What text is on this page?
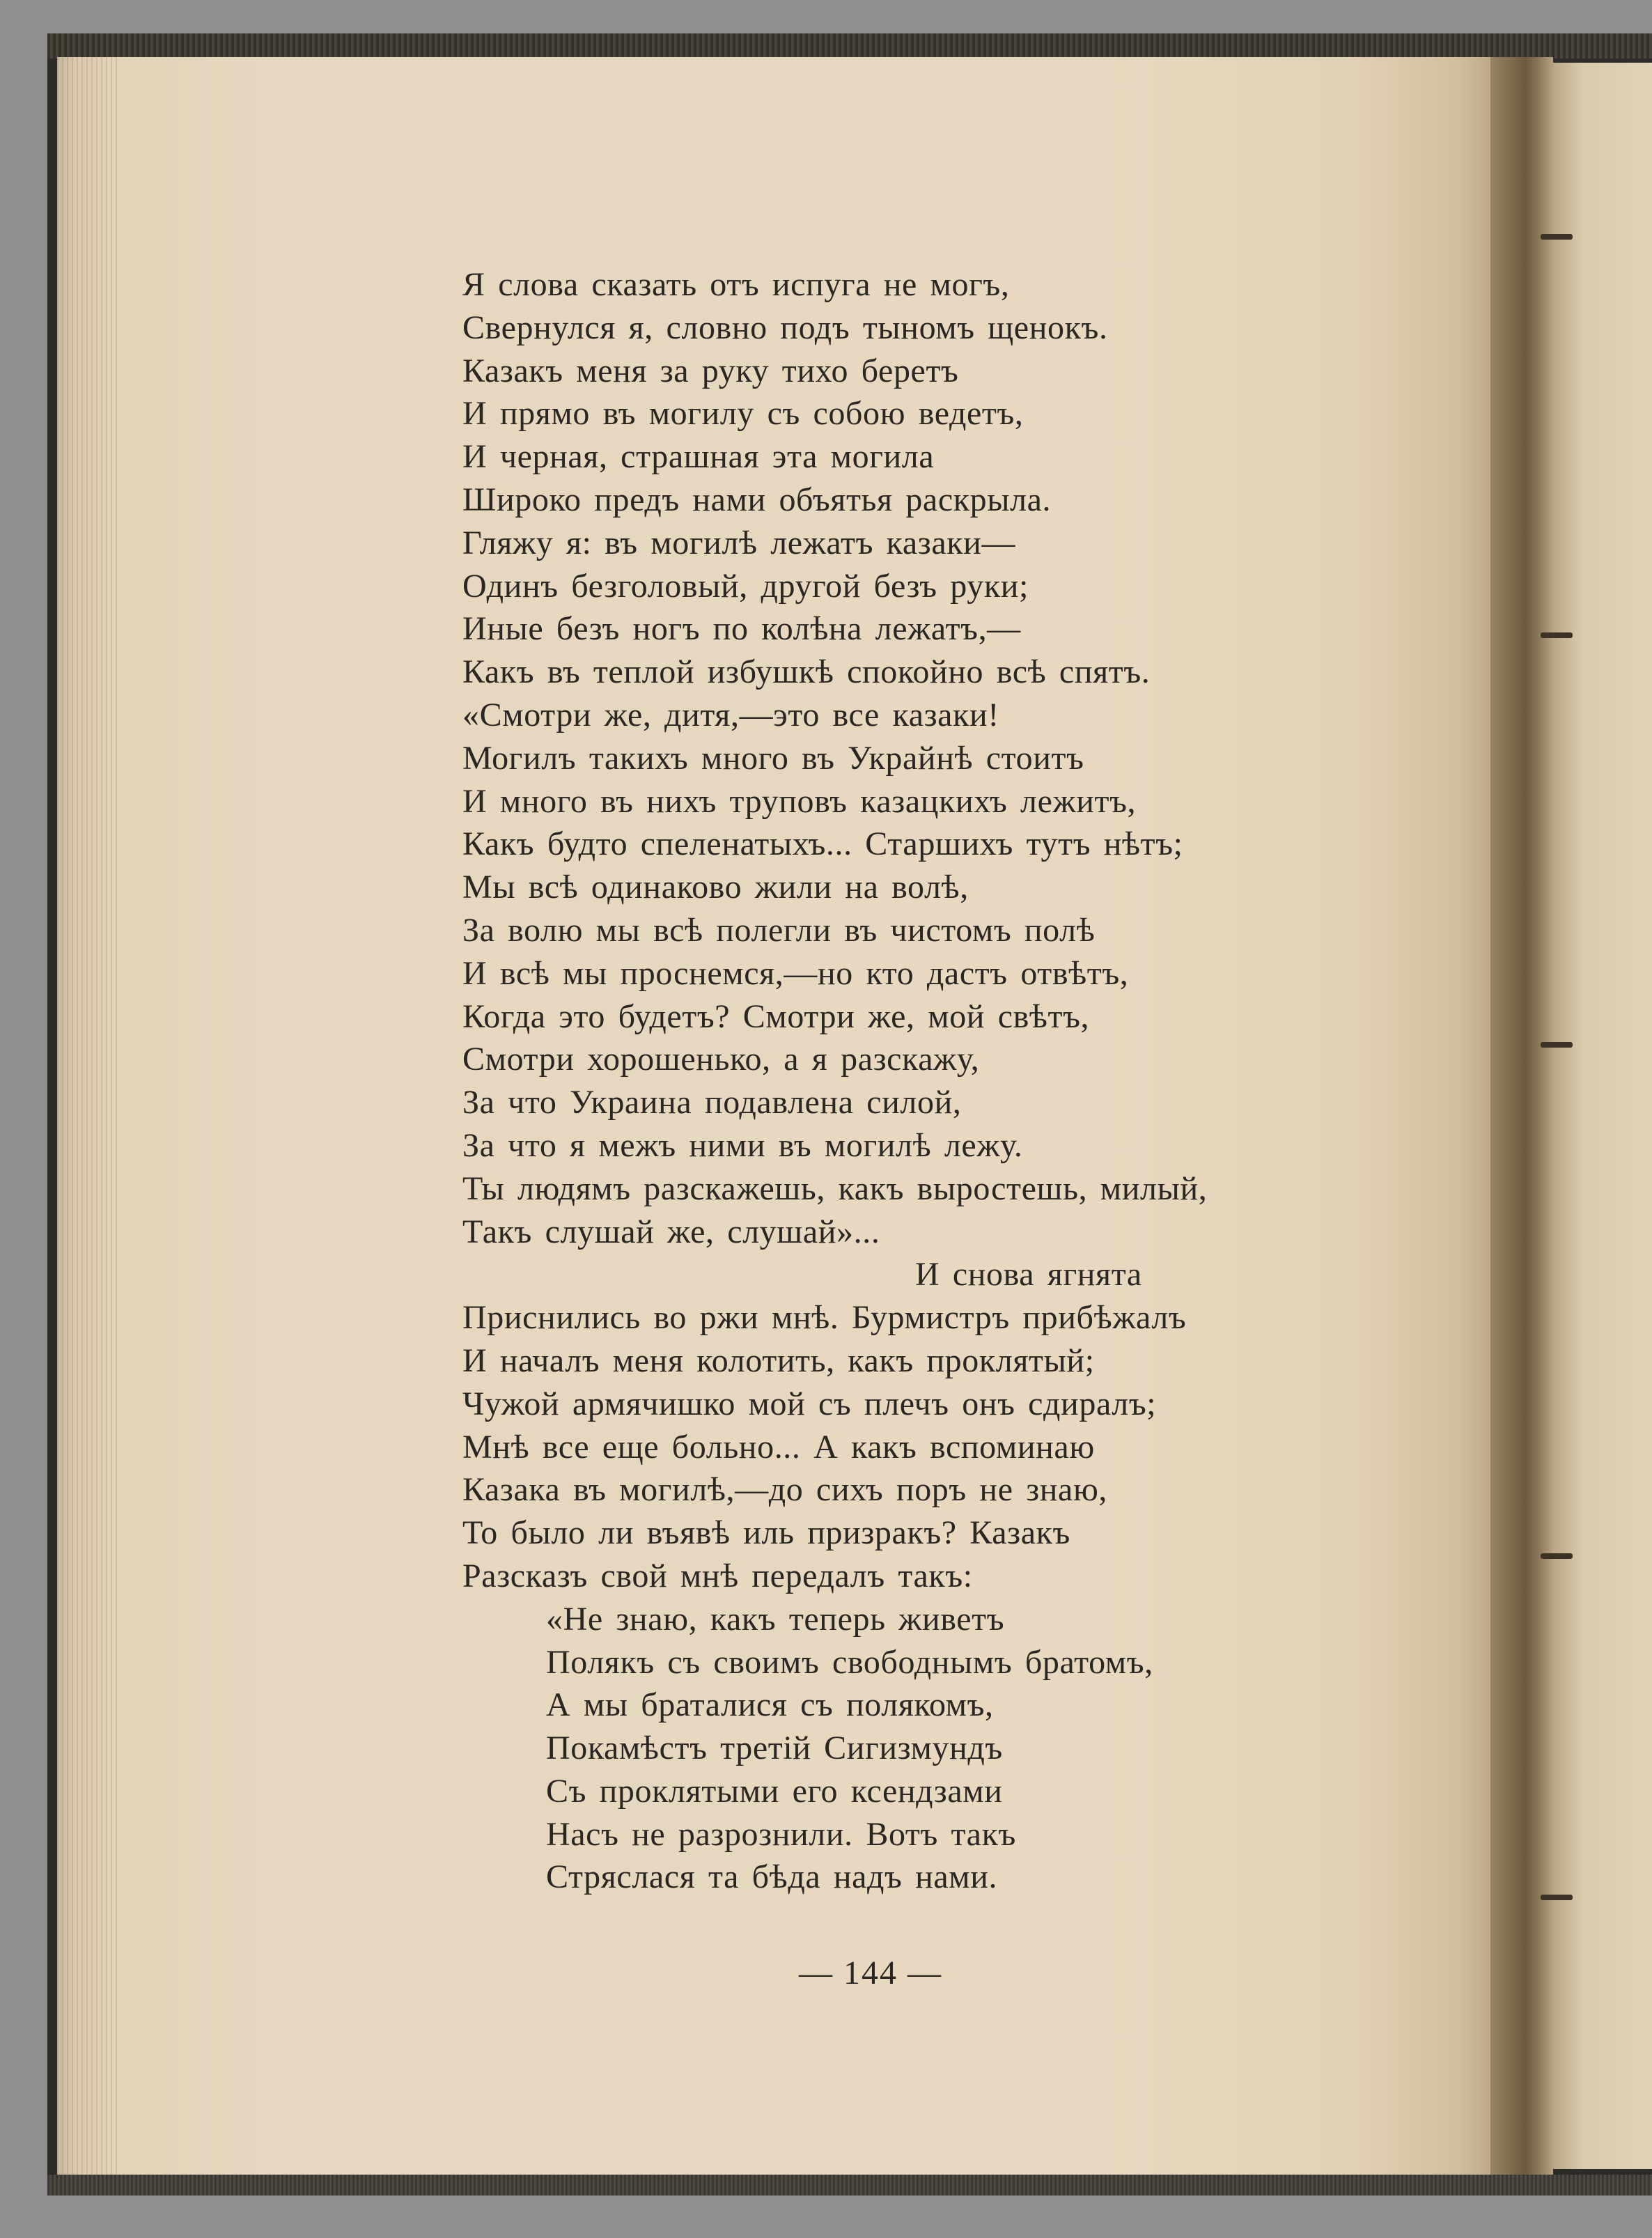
Я слова сказать отъ испуга не могъ,
Свернулся я, словно подъ тыномъ щенокъ.
Казакъ меня за руку тихо беретъ
И прямо въ могилу съ собою ведетъ,
И черная, страшная эта могила
Широко предъ нами объятья раскрыла.
Гляжу я: въ могилѣ лежатъ казаки—
Одинъ безголовый, другой безъ руки;
Иные безъ ногъ по колѣна лежатъ,—
Какъ въ теплой избушкѣ спокойно всѣ спятъ.
«Смотри же, дитя,—это все казаки!
Могилъ такихъ много въ Украйнѣ стоитъ
И много въ нихъ труповъ казацкихъ лежитъ,
Какъ будто спеленатыхъ... Старшихъ тутъ нѣтъ;
Мы всѣ одинаково жили на волѣ,
За волю мы всѣ полегли въ чистомъ полѣ
И всѣ мы проснемся,—но кто дастъ отвѣтъ,
Когда это будетъ? Смотри же, мой свѣтъ,
Смотри хорошенько, а я разскажу,
За что Украина подавлена силой,
За что я межъ ними въ могилѣ лежу.
Ты людямъ разскажешь, какъ выростешь, милый,
Такъ слушай же, слушай»...
И снова ягнята
Приснились во ржи мнѣ. Бурмистръ прибѣжалъ
И началъ меня колотить, какъ проклятый;
Чужой армячишко мой съ плечъ онъ сдиралъ;
Мнѣ все еще больно... А какъ вспоминаю
Казака въ могилѣ,—до сихъ поръ не знаю,
То было ли въявѣ иль призракъ? Казакъ
Разсказъ свой мнѣ передалъ такъ:
«Не знаю, какъ теперь живетъ
Полякъ съ своимъ свободнымъ братомъ,
А мы браталися съ полякомъ,
Покамѣстъ третій Сигизмундъ
Съ проклятыми его ксендзами
Насъ не разрознили. Вотъ такъ
Стряслася та бѣда надъ нами.
— 144 —
